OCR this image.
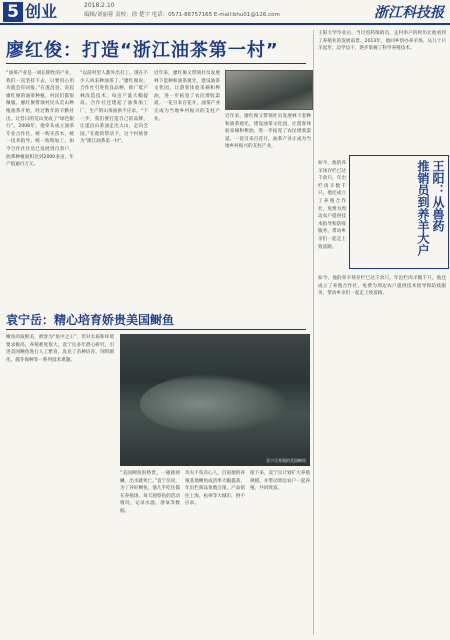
5 创业	2018.2.10
编辑/刘丽蓉 责校：徐 楚宇 电话：0571-86757165 E-mail:bhu01@126.com	浙江科技报
廖红俊：打造“浙江油茶第一村”
“油茶产业是一项长期性的产业，我们一直坚持下去，只要用心用功就会有回报。”在遂昌县，说起廖红俊的油茶种植，村民们都很佩服。廖红俊带领村民从荒山种植油茶开始，经过数年的辛勤付出，让昔日的荒山变成了“绿色银行”。2008年，他牵头成立油茶专业合作社，统一购买苗木、统一技术指导、统一收购加工。如今合作社社员已发展到百余户，油茶种植面积达到2000多亩，年产值逾百万元。
“以前村里人都外出打工，现在不少人回来种油茶了。”廖红俊说，合作社引进优良品种，推广低产林改造技术，每亩产量大幅提高。合作社还建起了油茶加工厂，生产的山茶油供不应求。“下一步，我们要打造自己的品牌，让遂昌山茶油走出大山，走向全国。”在他的带动下，这个村被誉为“浙江油茶第一村”。
近年来，廖红俊又带领社员发展林下套种和油茶观光，建设油茶文化园，让游客体验采摘和榨油，进一步拓宽了农民增收渠道。一花引来百花开，油茶产业正成为当地乡村振兴的支柱产业。
近年来，廖红俊又带领社员发展林下套种和油茶观光，建设油茶文化园，让游客体验采摘和榨油，进一步拓宽了农民增收渠道。一花引来百花开，油茶产业正成为当地乡村振兴的支柱产业。
袁宁岳：精心培育娇贵美国鲥鱼
鲥鱼肉质鲜美，被誉为“鱼中之王”，但对水质和环境要求极高，养殖难度很大。袁宁岳多年潜心研究，引进美国鲥鱼进行人工繁育，攻克了苗种培育、饲料驯化、越冬保种等一系列技术难题。
袁宁岳养殖的美国鲥鱼
“美国鲥鱼很娇贵，一碰就掉鳞，出水就死亡。”袁宁岳说，为了养好鲥鱼，他几乎吃住都在养殖场，每天观察鱼的活动情况，记录水温、溶氧等数据。
功夫不负有心人，目前他的养殖基地鲥鱼成活率大幅提高，年出栏商品鱼数万尾，产品销往上海、杭州等大城市，供不应求。
接下来，袁宁岳计划扩大养殖规模，并带动周边农户一起养殖，共同致富。
王阳大学毕业后，当过兽药推销员，走村串户的经历让他看到了养殖业的发展前景。2013年，他回乡创办养羊场，从几十只羊起步，边学边干，逐步掌握了科学养殖技术。
王阳：从兽药
推销员到养羊大户
如今，他的养羊场存栏已达千余只，年出栏肉羊数千只。他还成立了养殖合作社，免费为周边农户提供技术指导和防疫服务，带动乡亲们一起走上致富路。
如今，他的养羊场存栏已达千余只，年出栏肉羊数千只。他还成立了养殖合作社，免费为周边农户提供技术指导和防疫服务，带动乡亲们一起走上致富路。
